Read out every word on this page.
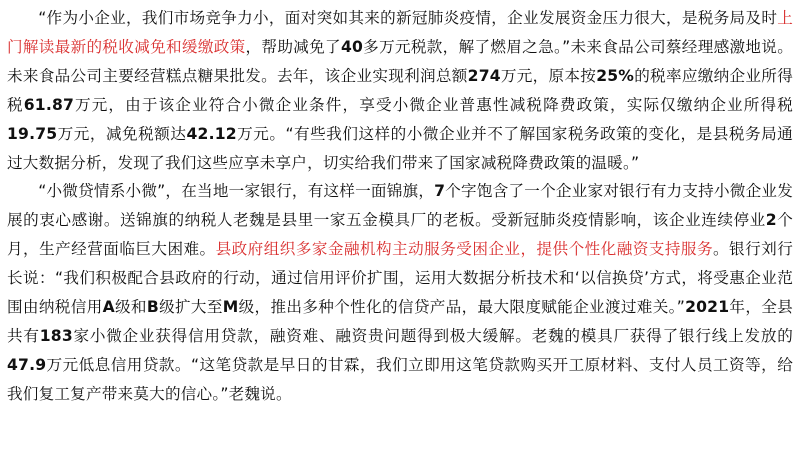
“作为小企业，我们市场竞争力小，面对突如其来的新冠肺炎疫情，企业发展资金压力很大，是税务局及时上门解读最新的税收减免和缓缴政策，帮助减免了40多万元税款，解了燃眉之急。”未来食品公司蔡经理感激地说。未来食品公司主要经营糕点糖果批发。去年，该企业实现利润总额274万元，原本按25%的税率应缴纳企业所得税61.87万元，由于该企业符合小微企业条件，享受小微企业普惠性减税降费政策，实际仅缴纳企业所得税19.75万元，减免税额达42.12万元。“有些我们这样的小微企业并不了解国家税务政策的变化，是县税务局通过大数据分析，发现了我们这些应享未享户，切实给我们带来了国家减税降费政策的温暖。”

“小微贷情系小微”，在当地一家银行，有这样一面锦旗，7个字饱含了一个企业家对银行有力支持小微企业发展的衷心感谢。送锦旗的纳税人老魏是县里一家五金模具厂的老板。受新冠肺炎疫情影响，该企业连续停业2个月，生产经营面临巨大困难。县政府组织多家金融机构主动服务受困企业，提供个性化融资支持服务。银行刘行长说：“我们积极配合县政府的行动，通过信用评价扩围，运用大数据分析技术和‘以信换贷’方式，将受惠企业范围由纳税信用A级和B级扩大至M级，推出多种个性化的信贷产品，最大限度赋能企业渡过难关。”2021年，全县共有183家小微企业获得信用贷款，融资难、融资贵问题得到极大缓解。老魏的模具厂获得了银行线上发放的47.9万元低息信用贷款。“这笔贷款是早日的甘霖，我们立即用这笔贷款购买开工原材料、支付人员工资等，给我们复工复产带来莫大的信心。”老魏说。
